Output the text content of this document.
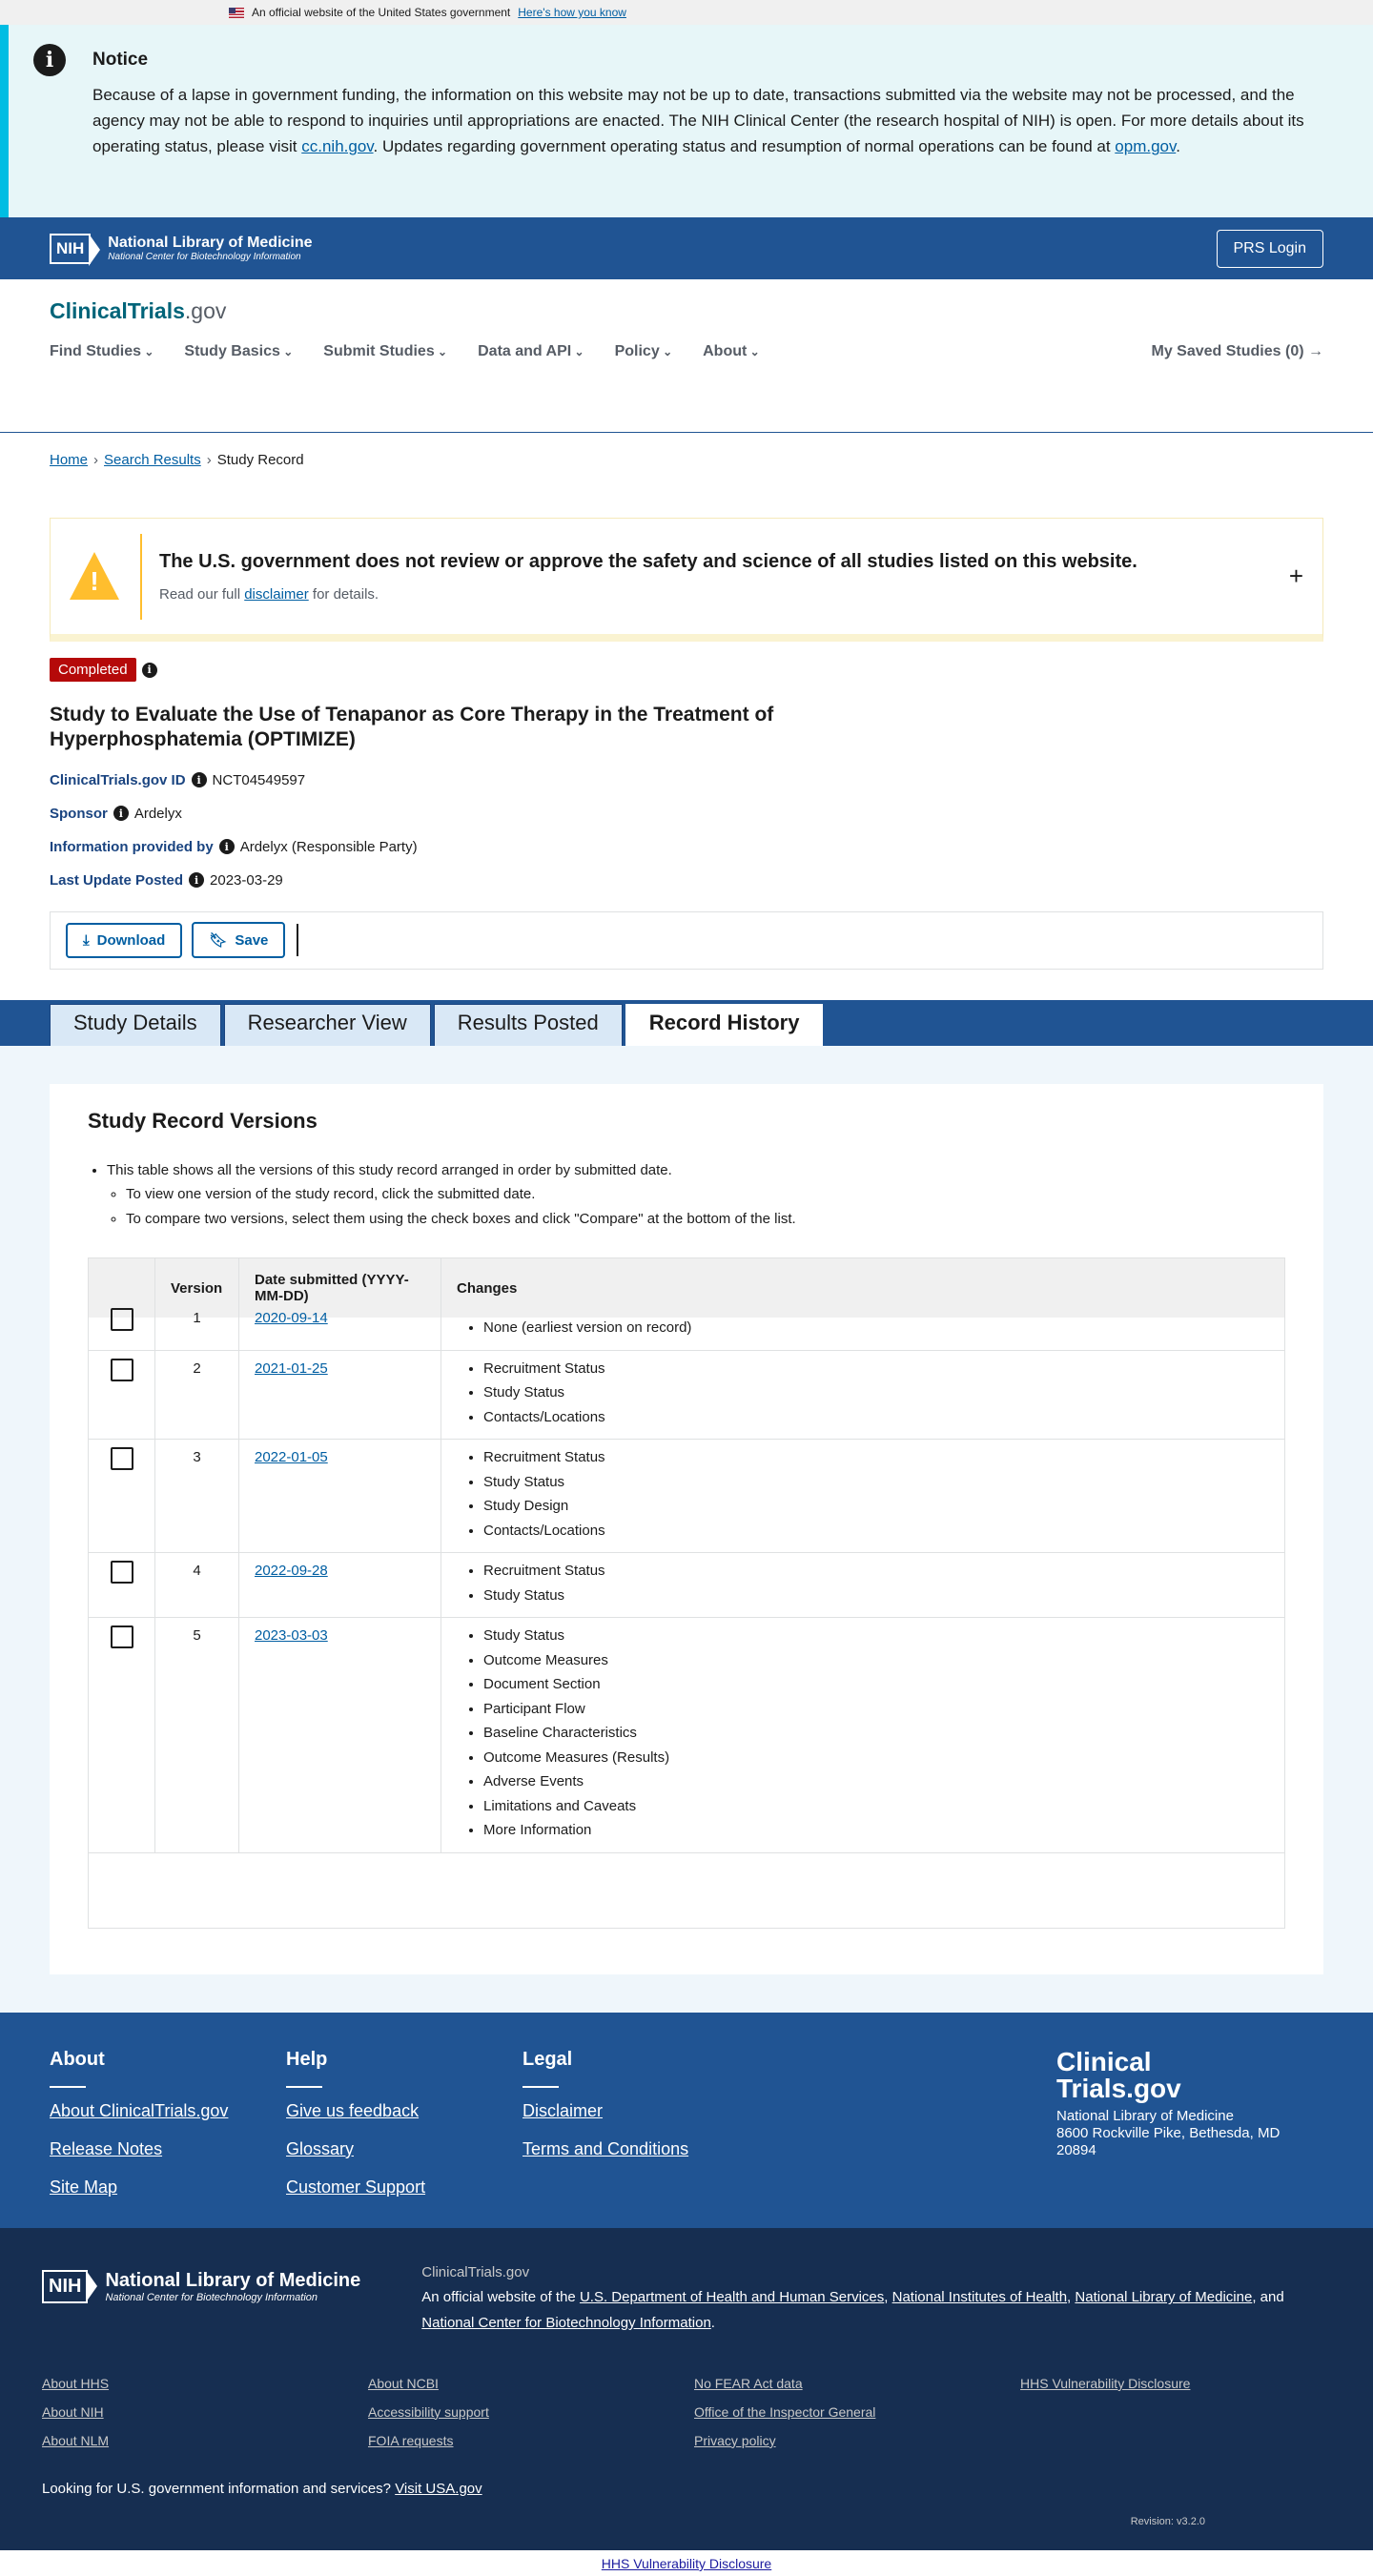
An official website of the United States government Here's how you know
i	Notice

Because of a lapse in government funding, the information on this website may not be up to date, transactions submitted via the website may not be processed, and the agency may not be able to respond to inquiries until appropriations are enacted. The NIH Clinical Center (the research hospital of NIH) is open. For more details about its operating status, please visit cc.nih.gov. Updates regarding government operating status and resumption of normal operations can be found at opm.gov.

NIH	National Library of Medicine
National Center for Biotechnology Information
PRS Login
ClinicalTrials.gov
Find Studies ⌄	Study Basics ⌄	Submit Studies ⌄	Data and API ⌄	Policy ⌄	About ⌄	My Saved Studies (0) →
Home › Search Results › Study Record
!
The U.S. government does not review or approve the safety and science of all studies listed on this website.

Read our full disclaimer for details.

+
Completed	i
Study to Evaluate the Use of Tenapanor as Core Therapy in the Treatment of Hyperphosphatemia (OPTIMIZE)
ClinicalTrials.gov ID	i NCT04549597
Sponsor	i Ardelyx
Information provided by	i Ardelyx (Responsible Party)
Last Update Posted	i 2023-03-29
⤓ Download	🔖︎ Save
Study Details	Researcher View	Results Posted	Record History
Study Record Versions
• This table shows all the versions of this study record arranged in order by submitted date.
◦ To view one version of the study record, click the submitted date.
◦ To compare two versions, select them using the check boxes and click "Compare" at the bottom of the list.
Version	Date submitted (YYYY-MM-DD)	Changes
1	2020-09-14
• None (earliest version on record)
2	2021-01-25	• Recruitment Status
• Study Status
• Contacts/Locations
3	2022-01-05	• Recruitment Status
• Study Status
• Study Design
• Contacts/Locations
4	2022-09-28	• Recruitment Status
• Study Status
5	2023-03-03	• Study Status
• Outcome Measures
• Document Section
• Participant Flow
• Baseline Characteristics
• Outcome Measures (Results)
• Adverse Events
• Limitations and Caveats
• More Information
About
About ClinicalTrials.gov
Release Notes
Site Map
Help
Give us feedback
Glossary
Customer Support
Legal
Disclaimer
Terms and Conditions
Clinical
Trials.gov

National Library of Medicine

8600 Rockville Pike, Bethesda, MD 20894

NIH	National Library of Medicine
National Center for Biotechnology Information
ClinicalTrials.gov
An official website of the U.S. Department of Health and Human Services, National Institutes of Health, National Library of Medicine, and National Center for Biotechnology Information.
About HHS	About NCBI	No FEAR Act data	HHS Vulnerability Disclosure
About NIH	Accessibility support	Office of the Inspector General
About NLM	FOIA requests	Privacy policy
Looking for U.S. government information and services? Visit USA.gov
Revision: v3.2.0
HHS Vulnerability Disclosure
